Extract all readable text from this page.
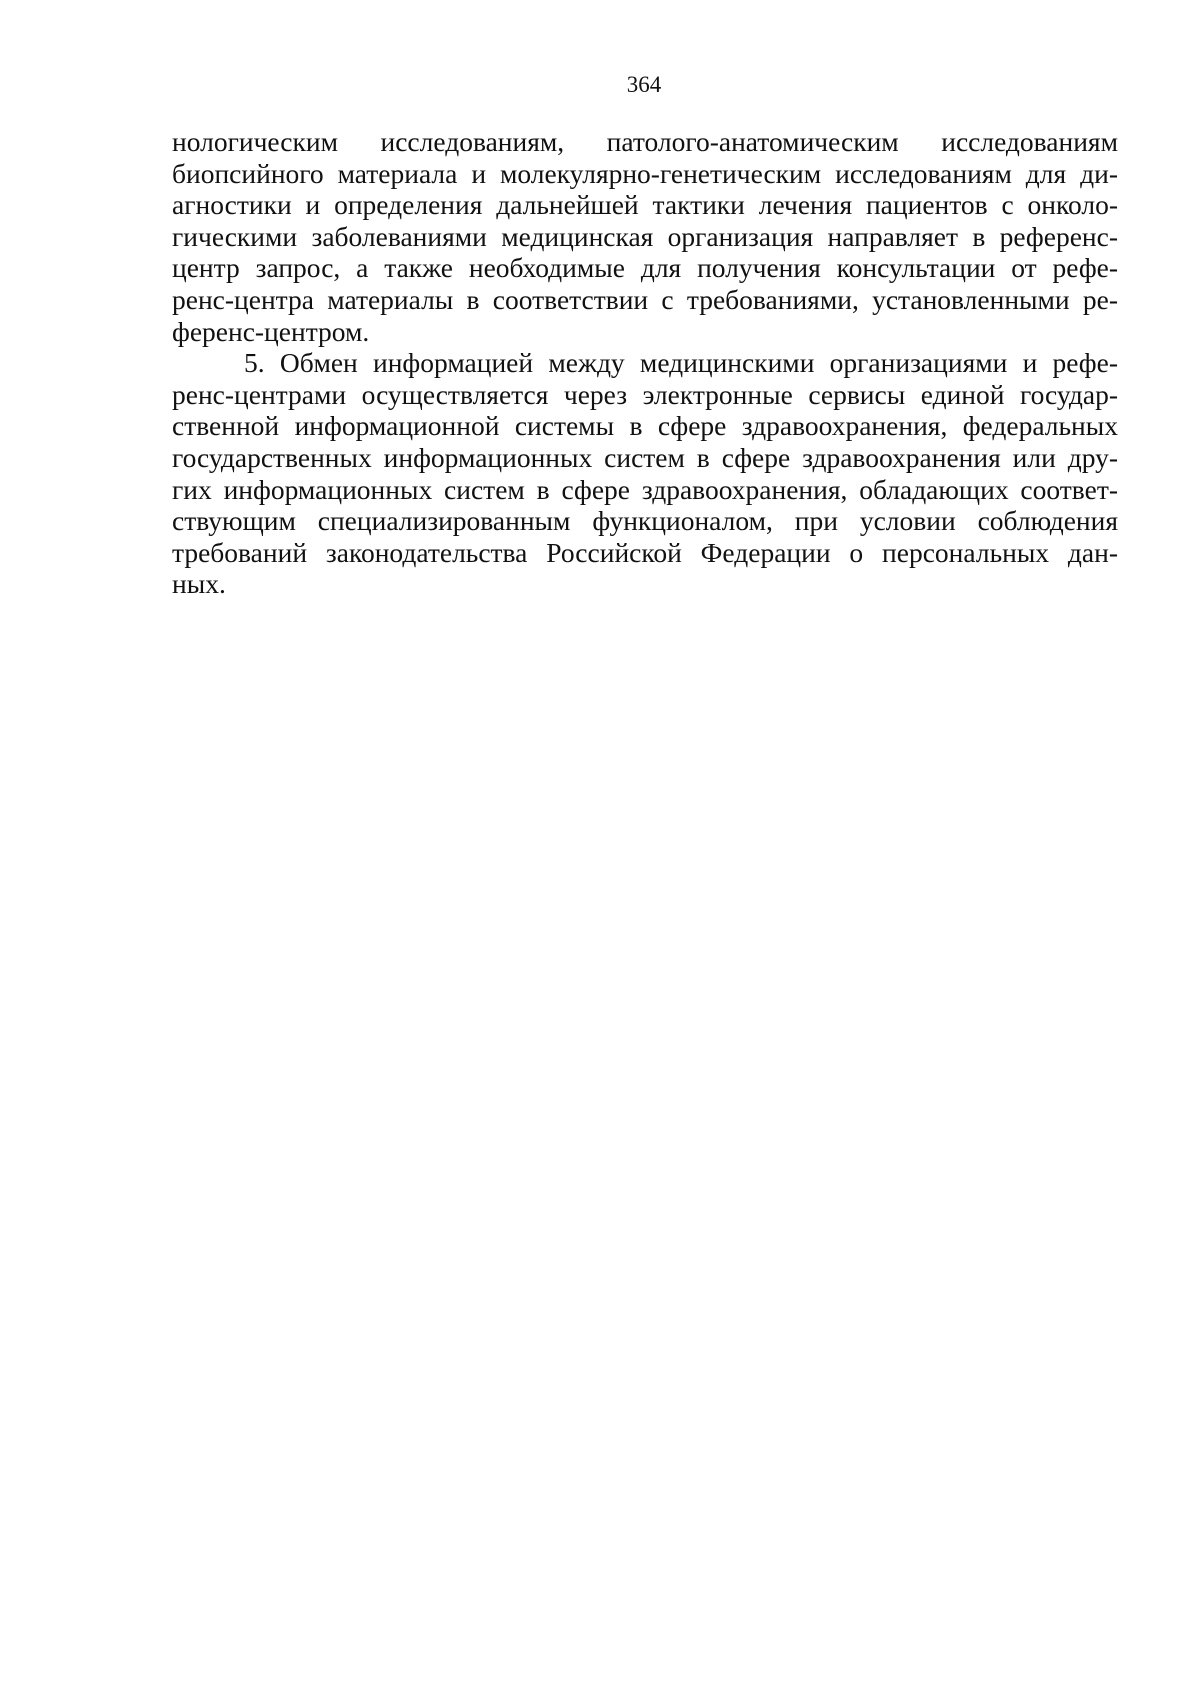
364
нологическим исследованиям, патолого-анатомическим исследованиям
биопсийного материала и молекулярно-генетическим исследованиям для ди-
агностики и определения дальнейшей тактики лечения пациентов с онколо-
гическими заболеваниями медицинская организация направляет в референс-
центр запрос, а также необходимые для получения консультации от рефе-
ренс-центра материалы в соответствии с требованиями, установленными ре-
ференс-центром.
5. Обмен информацией между медицинскими организациями и рефе-
ренс-центрами осуществляется через электронные сервисы единой государ-
ственной информационной системы в сфере здравоохранения, федеральных
государственных информационных систем в сфере здравоохранения или дру-
гих информационных систем в сфере здравоохранения, обладающих соответ-
ствующим специализированным функционалом, при условии соблюдения
требований законодательства Российской Федерации о персональных дан-
ных.
